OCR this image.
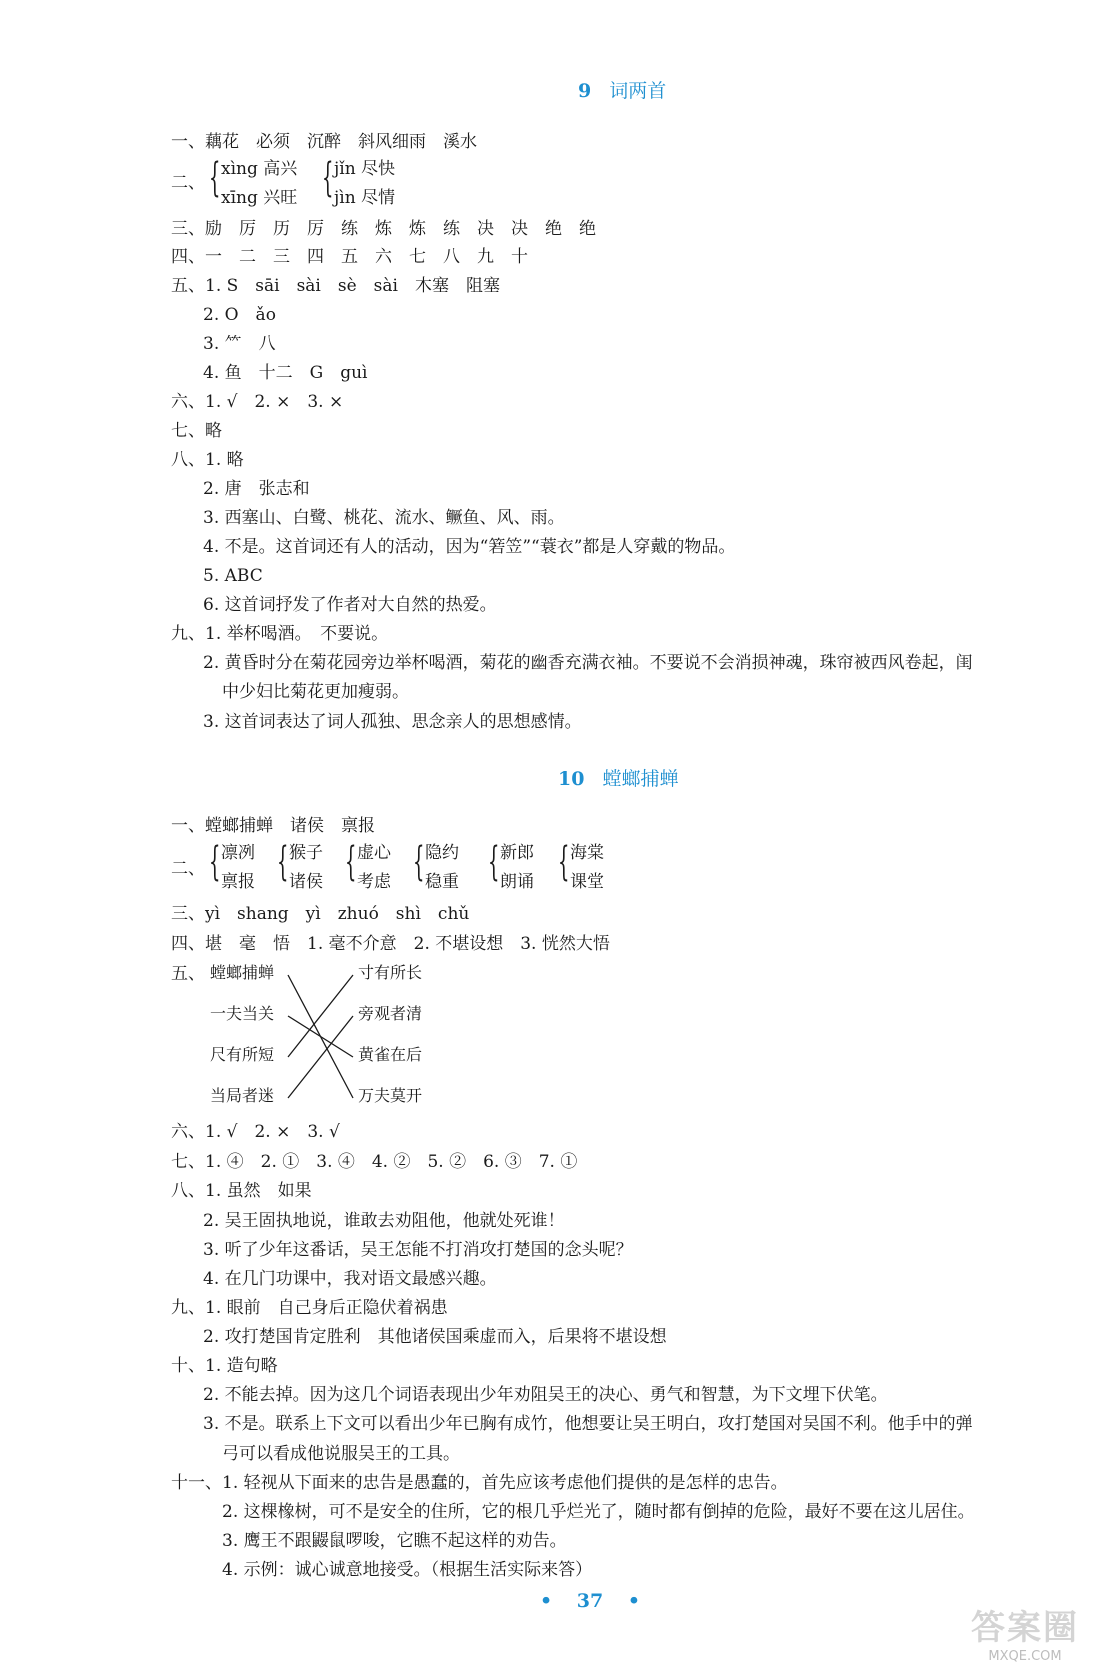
9 词两首
一、藕花　必须　沉醉　斜风细雨　溪水
二、 { xìng 高兴
xīng 兴旺 { jǐn 尽快
jìn 尽情
三、励　厉　历　厉　练　炼　炼　练　决　决　绝　绝
四、一　二　三　四　五　六　七　八　九　十
五、1. S　sāi　sài　sè　sài　木塞　阻塞
2. O　ǎo
3. ⺮　八
4. 鱼　十二　G　guì
六、1. √　2. ×　3. ×
七、略
八、1. 略
2. 唐　张志和
3. 西塞山、白鹭、桃花、流水、鳜鱼、风、雨。
4. 不是。这首词还有人的活动，因为“箬笠”“蓑衣”都是人穿戴的物品。
5. ABC
6. 这首词抒发了作者对大自然的热爱。
九、1. 举杯喝酒。　不要说。
2. 黄昏时分在菊花园旁边举杯喝酒，菊花的幽香充满衣袖。不要说不会消损神魂，珠帘被西风卷起，闺
中少妇比菊花更加瘦弱。
3. 这首词表达了词人孤独、思念亲人的思想感情。
10 螳螂捕蝉
一、螳螂捕蝉　诸侯　禀报
二、 { 凛冽
禀报 { 猴子
诸侯 { 虚心
考虑 { 隐约
稳重 { 新郎
朗诵 { 海棠
课堂
三、yì　shang　yì　zhuó　shì　chǔ
四、堪　毫　悟　1. 毫不介意　2. 不堪设想　3. 恍然大悟
五、 螳螂捕蝉
一夫当关
尺有所短
当局者迷
寸有所长
旁观者清
黄雀在后
万夫莫开
六、1. √　2. ×　3. √
七、1. ④　2. ①　3. ④　4. ②　5. ②　6. ③　7. ①
八、1. 虽然　如果
2. 吴王固执地说，谁敢去劝阻他，他就处死谁！
3. 听了少年这番话，吴王怎能不打消攻打楚国的念头呢？
4. 在几门功课中，我对语文最感兴趣。
九、1. 眼前　自己身后正隐伏着祸患
2. 攻打楚国肯定胜利　其他诸侯国乘虚而入，后果将不堪设想
十、1. 造句略
2. 不能去掉。因为这几个词语表现出少年劝阻吴王的决心、勇气和智慧，为下文埋下伏笔。
3. 不是。联系上下文可以看出少年已胸有成竹，他想要让吴王明白，攻打楚国对吴国不利。他手中的弹
弓可以看成他说服吴王的工具。
十一、1. 轻视从下面来的忠告是愚蠢的，首先应该考虑他们提供的是怎样的忠告。
2. 这棵橡树，可不是安全的住所，它的根几乎烂光了，随时都有倒掉的危险，最好不要在这儿居住。
3. 鹰王不跟鼹鼠啰唆，它瞧不起这样的劝告。
4. 示例：诚心诚意地接受。（根据生活实际来答）
• 37 •
答案圈
MXQE.COM
